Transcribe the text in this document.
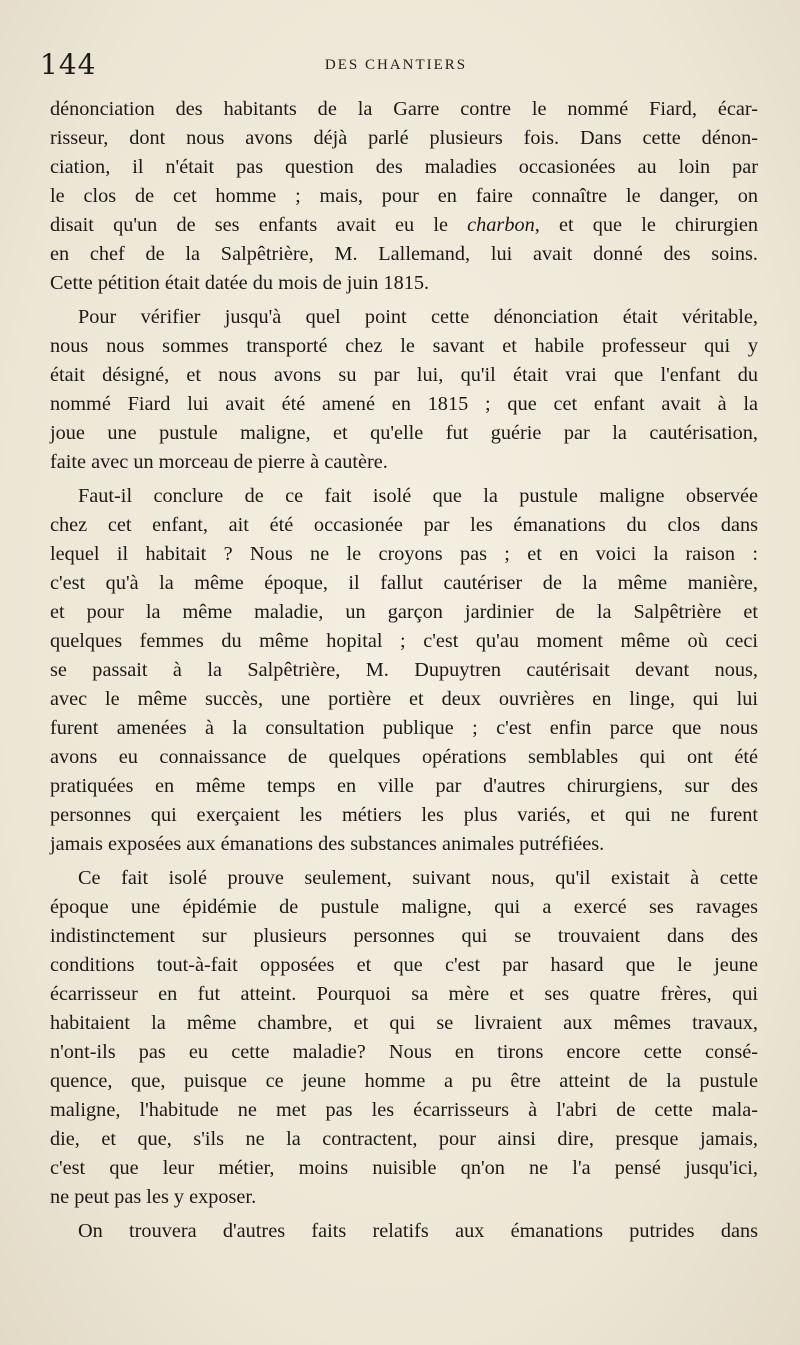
144	DES CHANTIERS

dénonciation des habitants de la Garre contre le nommé Fiard, écar-
risseur, dont nous avons déjà parlé plusieurs fois. Dans cette dénon-
ciation, il n'était pas question des maladies occasionées au loin par
le clos de cet homme ; mais, pour en faire connaître le danger, on
disait qu'un de ses enfants avait eu le charbon, et que le chirurgien
en chef de la Salpêtrière, M. Lallemand, lui avait donné des soins.
Cette pétition était datée du mois de juin 1815.

Pour vérifier jusqu'à quel point cette dénonciation était véritable,
nous nous sommes transporté chez le savant et habile professeur qui y
était désigné, et nous avons su par lui, qu'il était vrai que l'enfant du
nommé Fiard lui avait été amené en 1815 ; que cet enfant avait à la
joue une pustule maligne, et qu'elle fut guérie par la cautérisation,
faite avec un morceau de pierre à cautère.

Faut-il conclure de ce fait isolé que la pustule maligne observée
chez cet enfant, ait été occasionée par les émanations du clos dans
lequel il habitait ? Nous ne le croyons pas ; et en voici la raison :
c'est qu'à la même époque, il fallut cautériser de la même manière,
et pour la même maladie, un garçon jardinier de la Salpêtrière et
quelques femmes du même hopital ; c'est qu'au moment même où ceci
se passait à la Salpêtrière, M. Dupuytren cautérisait devant nous,
avec le même succès, une portière et deux ouvrières en linge, qui lui
furent amenées à la consultation publique ; c'est enfin parce que nous
avons eu connaissance de quelques opérations semblables qui ont été
pratiquées en même temps en ville par d'autres chirurgiens, sur des
personnes qui exerçaient les métiers les plus variés, et qui ne furent
jamais exposées aux émanations des substances animales putréfiées.

Ce fait isolé prouve seulement, suivant nous, qu'il existait à cette
époque une épidémie de pustule maligne, qui a exercé ses ravages
indistinctement sur plusieurs personnes qui se trouvaient dans des
conditions tout-à-fait opposées et que c'est par hasard que le jeune
écarrisseur en fut atteint. Pourquoi sa mère et ses quatre frères, qui
habitaient la même chambre, et qui se livraient aux mêmes travaux,
n'ont-ils pas eu cette maladie? Nous en tirons encore cette consé-
quence, que, puisque ce jeune homme a pu être atteint de la pustule
maligne, l'habitude ne met pas les écarrisseurs à l'abri de cette mala-
die, et que, s'ils ne la contractent, pour ainsi dire, presque jamais,
c'est que leur métier, moins nuisible qn'on ne l'a pensé jusqu'ici,
ne peut pas les y exposer.

On trouvera d'autres faits relatifs aux émanations putrides dans
